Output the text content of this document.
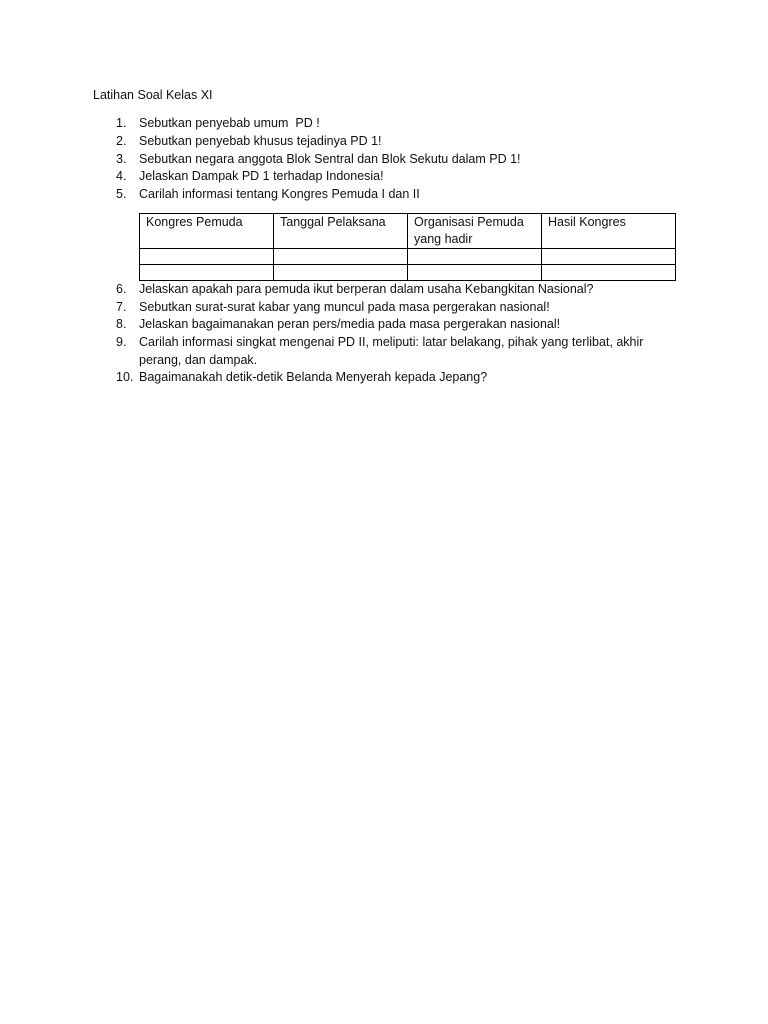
Latihan Soal Kelas XI
1.	Sebutkan penyebab umum  PD !
2.	Sebutkan penyebab khusus tejadinya PD 1!
3.	Sebutkan negara anggota Blok Sentral dan Blok Sekutu dalam PD 1!
4.	Jelaskan Dampak PD 1 terhadap Indonesia!
5.	Carilah informasi tentang Kongres Pemuda I dan II
Kongres Pemuda	Tanggal Pelaksana	Organisasi Pemuda yang hadir	Hasil Kongres

6.	Jelaskan apakah para pemuda ikut berperan dalam usaha Kebangkitan Nasional?
7.	Sebutkan surat-surat kabar yang muncul pada masa pergerakan nasional!
8.	Jelaskan bagaimanakan peran pers/media pada masa pergerakan nasional!
9.	Carilah informasi singkat mengenai PD II, meliputi: latar belakang, pihak yang terlibat, akhir perang, dan dampak.
10. Bagaimanakah detik-detik Belanda Menyerah kepada Jepang?
